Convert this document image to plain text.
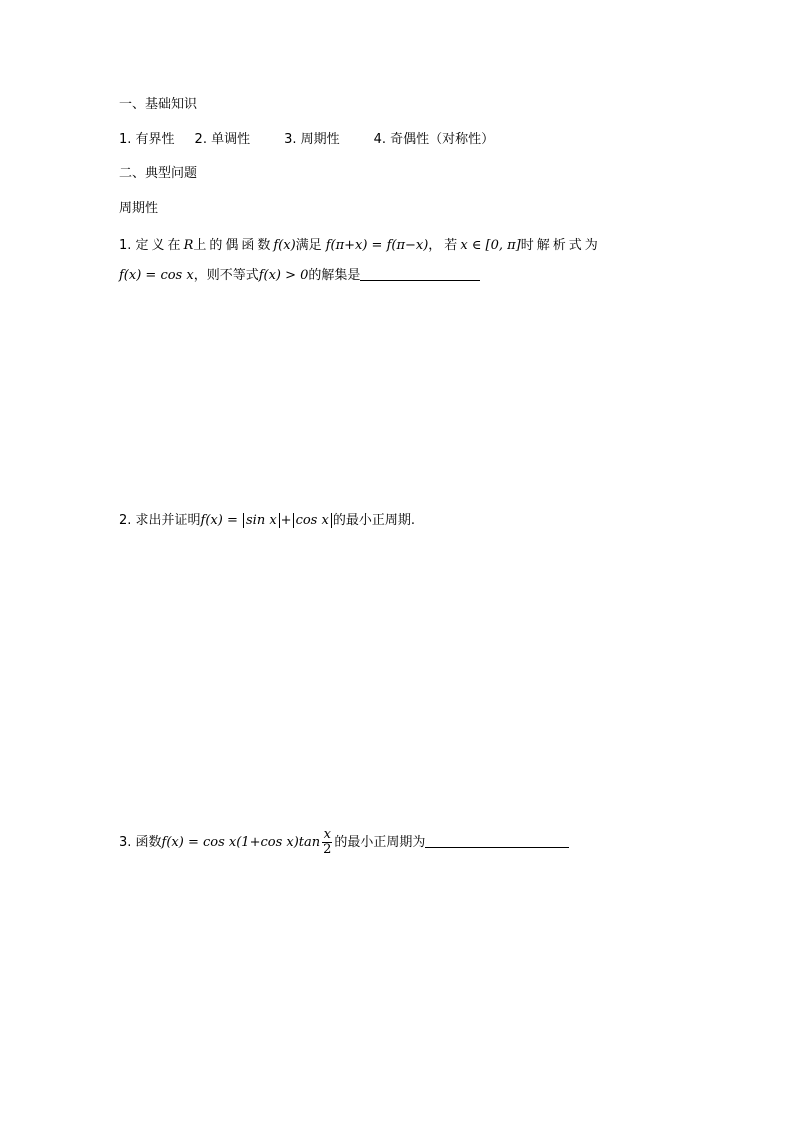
一、基础知识
1. 有界性 2. 单调性	3. 周期性	4. 奇偶性（对称性）
二、典型问题
周期性
1. 定义在R上的偶函数f(x)满足 f(π+x) = f(π−x)，若x ∈ [0, π]时解析式为
f(x) = cos x，则不等式f(x) > 0的解集是
2. 求出并证明f(x) = sin x + cos x 的最小正周期.
3. 函数f(x) = cos x(1+cos $x)\tan \frac{x}{2}$ 的最小正周期为
